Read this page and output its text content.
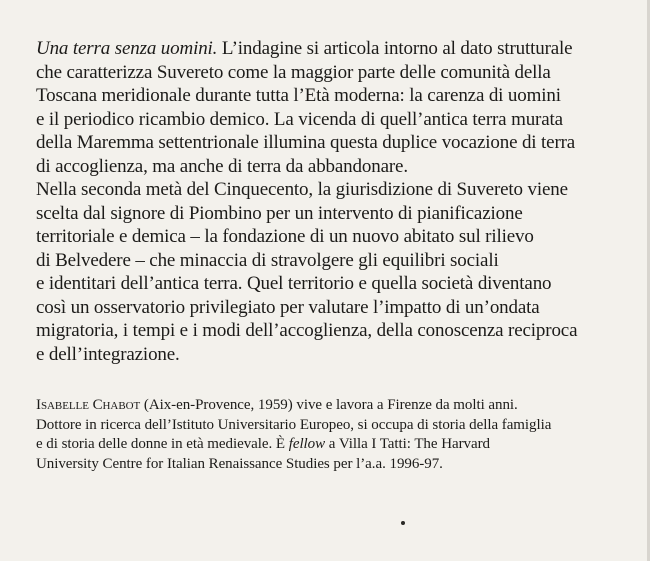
Una terra senza uomini. L’indagine si articola intorno al dato strutturale
che caratterizza Suvereto come la maggior parte delle comunità della
Toscana meridionale durante tutta l’Età moderna: la carenza di uomini
e il periodico ricambio demico. La vicenda di quell’antica terra murata
della Maremma settentrionale illumina questa duplice vocazione di terra
di accoglienza, ma anche di terra da abbandonare.
Nella seconda metà del Cinquecento, la giurisdizione di Suvereto viene
scelta dal signore di Piombino per un intervento di pianificazione
territoriale e demica – la fondazione di un nuovo abitato sul rilievo
di Belvedere – che minaccia di stravolgere gli equilibri sociali
e identitari dell’antica terra. Quel territorio e quella società diventano
così un osservatorio privilegiato per valutare l’impatto di un’ondata
migratoria, i tempi e i modi dell’accoglienza, della conoscenza reciproca
e dell’integrazione.
Isabelle Chabot (Aix-en-Provence, 1959) vive e lavora a Firenze da molti anni.
Dottore in ricerca dell’Istituto Universitario Europeo, si occupa di storia della famiglia
e di storia delle donne in età medievale. È fellow a Villa I Tatti: The Harvard
University Centre for Italian Renaissance Studies per l’a.a. 1996-97.
